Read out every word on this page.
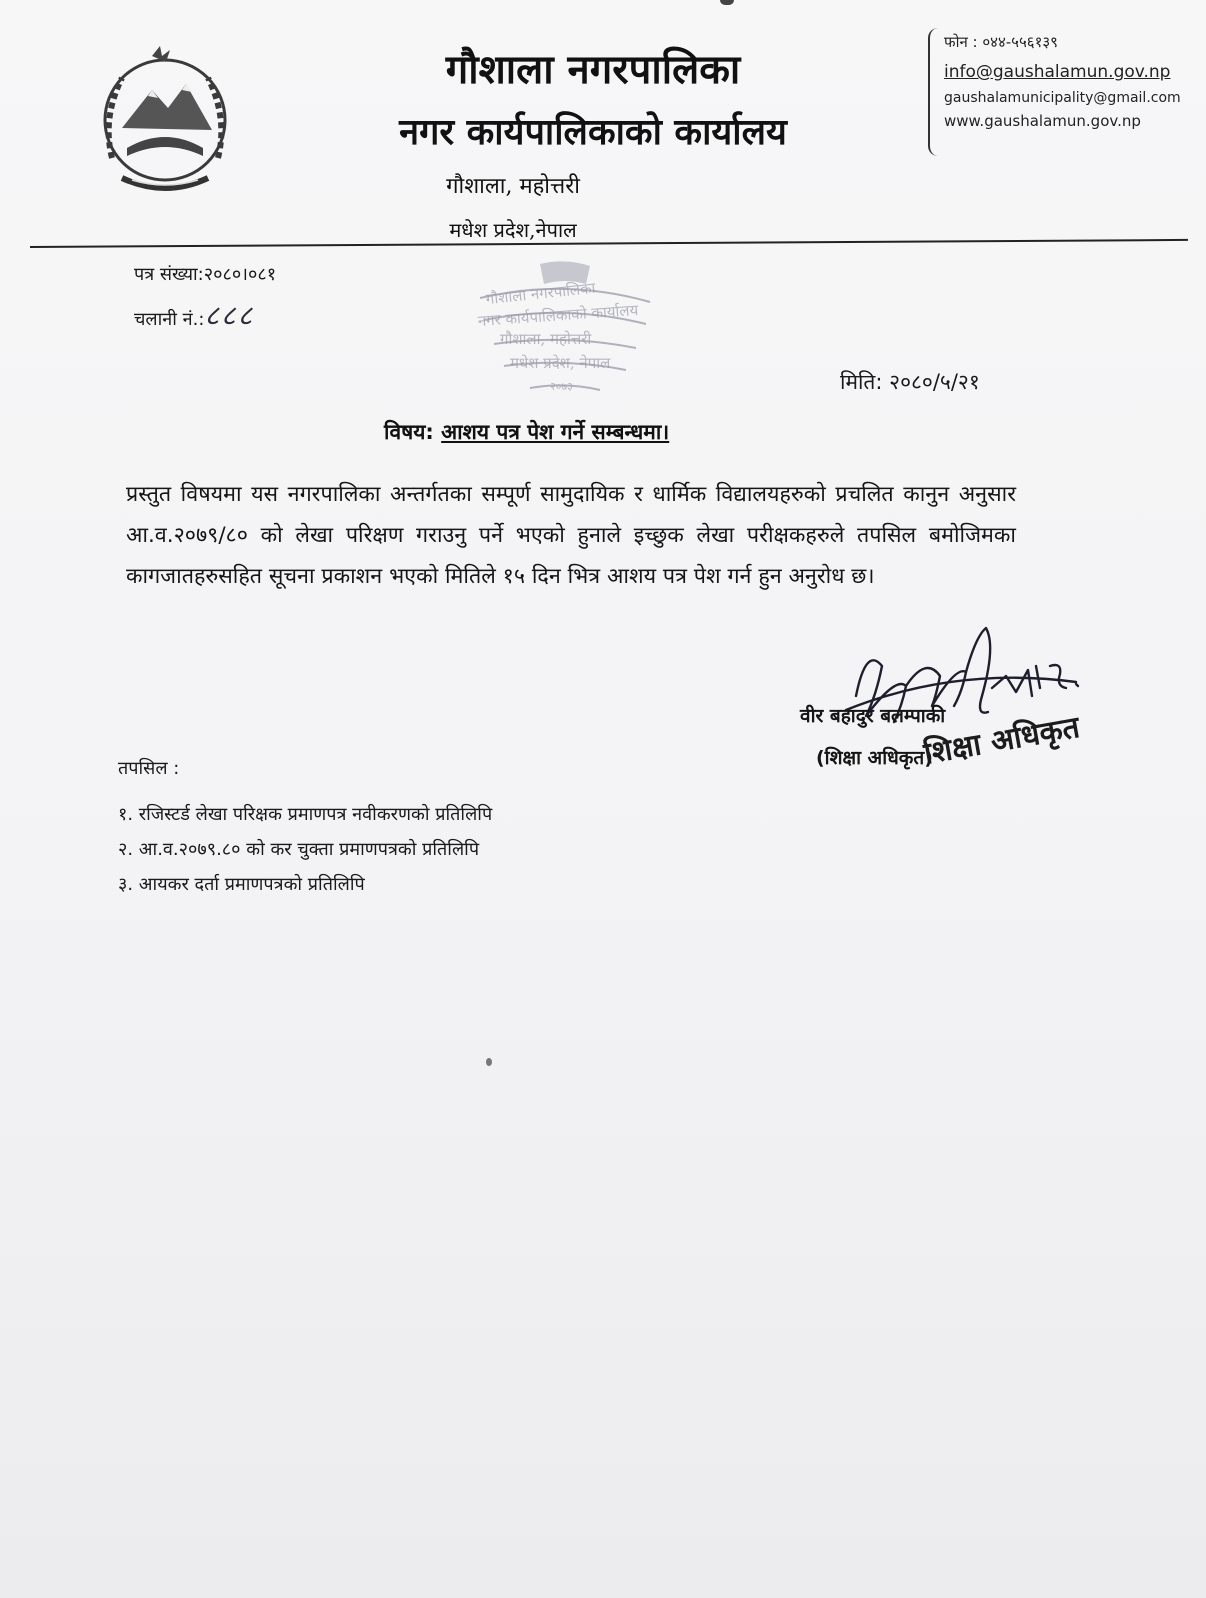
गौशाला नगरपालिका
नगर कार्यपालिकाको कार्यालय
गौशाला, महोत्तरी
मधेश प्रदेश,नेपाल
फोन : ०४४-५५६१३९
info@gaushalamun.gov.np
gaushalamunicipality@gmail.com
www.gaushalamun.gov.np
पत्र संख्या:२०८०।०८१
चलानी नं.:८८८
गौशाला नगरपालिका
नगर कार्यपालिकाको कार्यालय
गौशाला, महोत्तरी
मधेश प्रदेश, नेपाल
२०७३	मिति: २०८०/५/२१
विषय: आशय पत्र पेश गर्ने सम्बन्धमा।
प्रस्तुत विषयमा यस नगरपालिका अन्तर्गतका सम्पूर्ण सामुदायिक र धार्मिक विद्यालयहरुको प्रचलित कानुन अनुसार आ.व.२०७९/८० को लेखा परिक्षण गराउनु पर्ने भएको हुनाले इच्छुक लेखा परीक्षकहरुले तपसिल बमोजिमका कागजातहरुसहित सूचना प्रकाशन भएको मितिले १५ दिन भित्र आशय पत्र पेश गर्न हुन अनुरोध छ।
वीर बहादुर बलम्पाकी
(शिक्षा अधिकृत)
शिक्षा अधिकृत
तपसिल :
१. रजिस्टर्ड लेखा परिक्षक प्रमाणपत्र नवीकरणको प्रतिलिपि
२. आ.व.२०७९.८० को कर चुक्ता प्रमाणपत्रको प्रतिलिपि
३. आयकर दर्ता प्रमाणपत्रको प्रतिलिपि
